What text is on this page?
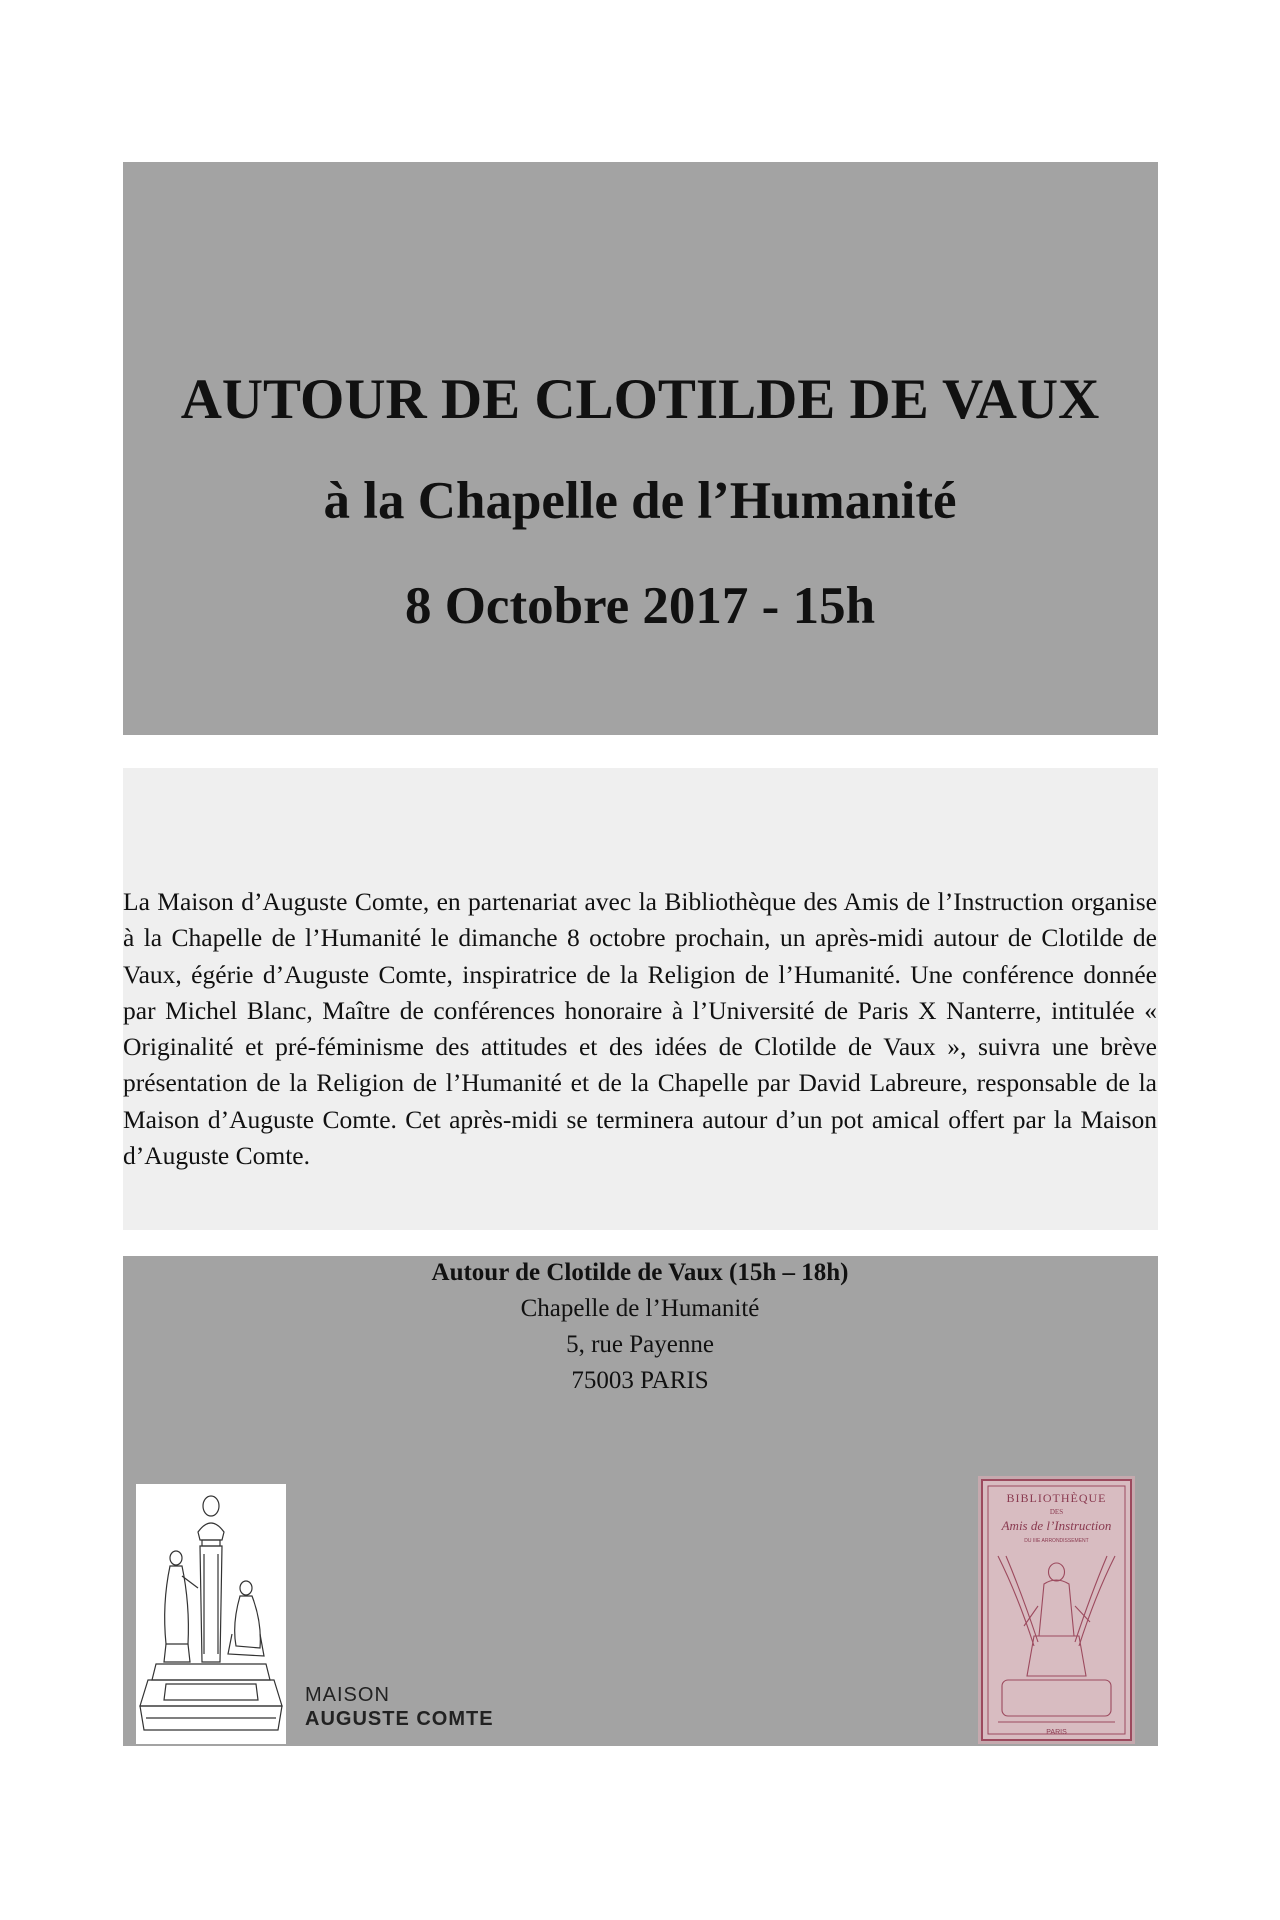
AUTOUR DE CLOTILDE DE VAUX
à la Chapelle de l’Humanité
8 Octobre 2017 - 15h
La Maison d’Auguste Comte, en partenariat avec la Bibliothèque des Amis de l’Instruction organise à la Chapelle de l’Humanité le dimanche 8 octobre prochain, un après-midi autour de Clotilde de Vaux, égérie d’Auguste Comte, inspiratrice de la Religion de l’Humanité. Une conférence donnée par Michel Blanc, Maître de conférences honoraire à l’Université de Paris X Nanterre, intitulée « Originalité et pré-féminisme des attitudes et des idées de Clotilde de Vaux », suivra une brève présentation de la Religion de l’Humanité et de la Chapelle par David Labreure, responsable de la Maison d’Auguste Comte. Cet après-midi se terminera autour d’un pot amical offert par la Maison d’Auguste Comte.
Autour de Clotilde de Vaux (15h – 18h)
Chapelle de l’Humanité
5, rue Payenne
75003 PARIS
MAISON
AUGUSTE COMTE
BIBLIOTHÈQUE
DES
Amis de l’Instruction
DU IIIE ARRONDISSEMENT
PARIS
